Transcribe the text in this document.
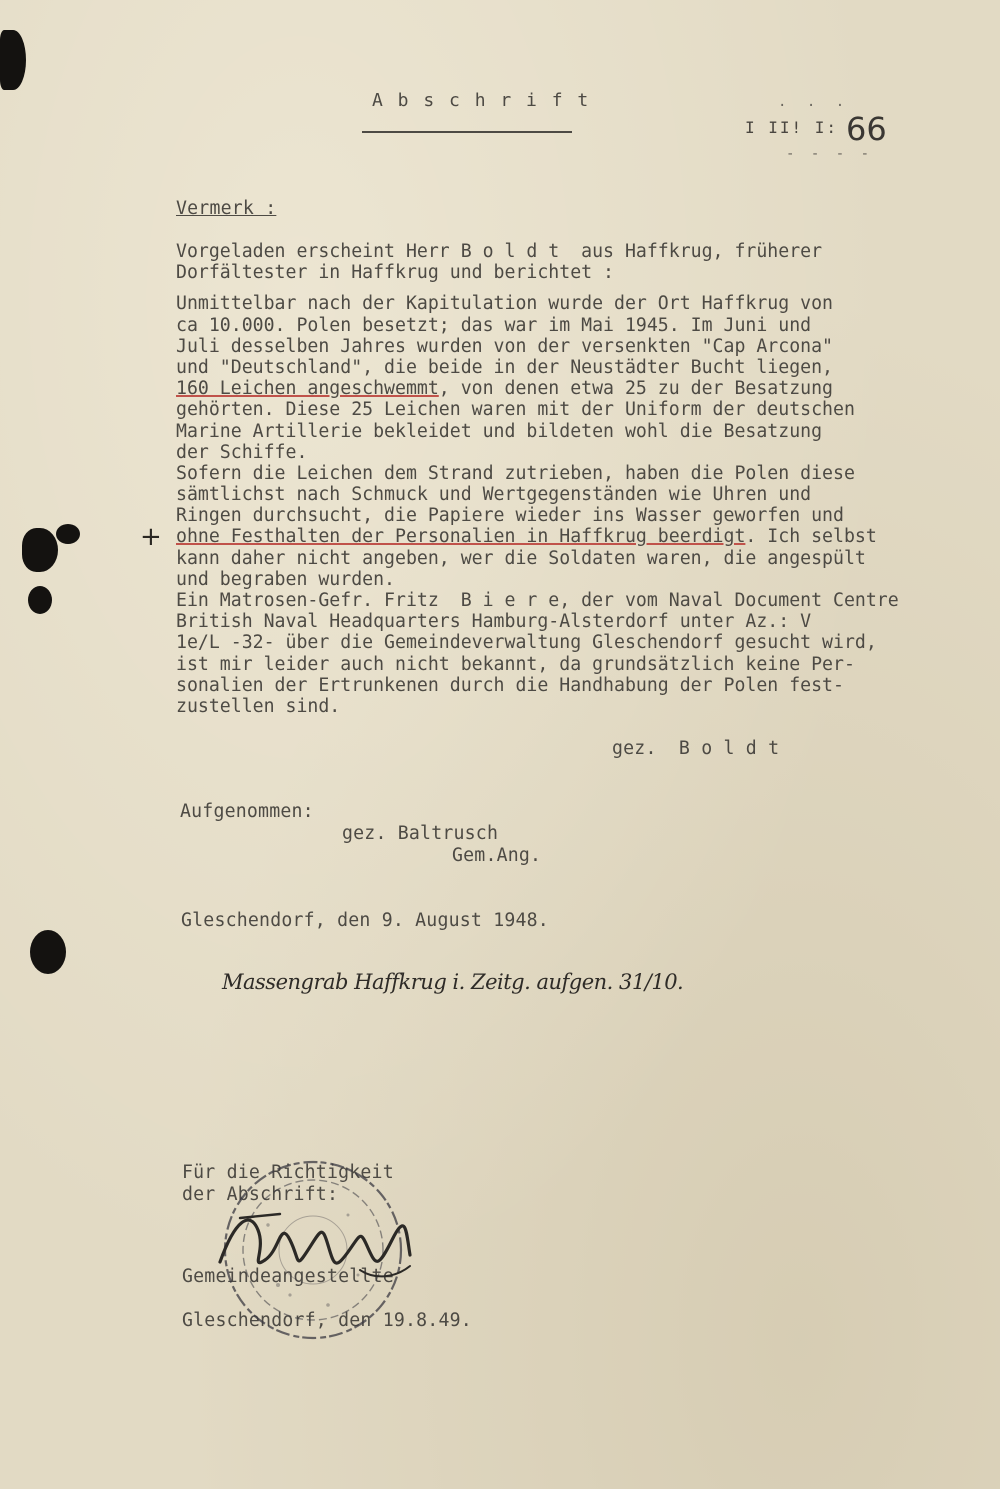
A b s c h r i f t	. . .
I II! I:
- - - -
66
Vermerk :
+
Vorgeladen erscheint Herr B o l d t  aus Haffkrug, früherer
Dorfältester in Haffkrug und berichtet :
Unmittelbar nach der Kapitulation wurde der Ort Haffkrug von
ca 10.000. Polen besetzt; das war im Mai 1945. Im Juni und
Juli desselben Jahres wurden von der versenkten "Cap Arcona"
und "Deutschland", die beide in der Neustädter Bucht liegen,
160 Leichen angeschwemmt, von denen etwa 25 zu der Besatzung
gehörten. Diese 25 Leichen waren mit der Uniform der deutschen
Marine Artillerie bekleidet und bildeten wohl die Besatzung
der Schiffe.
Sofern die Leichen dem Strand zutrieben, haben die Polen diese
sämtlichst nach Schmuck und Wertgegenständen wie Uhren und
Ringen durchsucht, die Papiere wieder ins Wasser geworfen und
ohne Festhalten der Personalien in Haffkrug beerdigt. Ich selbst
kann daher nicht angeben, wer die Soldaten waren, die angespült
und begraben wurden.
Ein Matrosen-Gefr. Fritz  B i e r e, der vom Naval Document Centre
British Naval Headquarters Hamburg-Alsterdorf unter Az.: V
1e/L -32- über die Gemeindeverwaltung Gleschendorf gesucht wird,
ist mir leider auch nicht bekannt, da grundsätzlich keine Per-
sonalien der Ertrunkenen durch die Handhabung der Polen fest-
zustellen sind.
gez.  B o l d t
Aufgenommen:
gez. Baltrusch
Gem.Ang.
Gleschendorf, den 9. August 1948.
Massengrab Haffkrug i. Zeitg. aufgen. 31/10.
Für die Richtigkeit
der Abschrift:
Gemeindeangestellte
Gleschendorf, den 19.8.49.
